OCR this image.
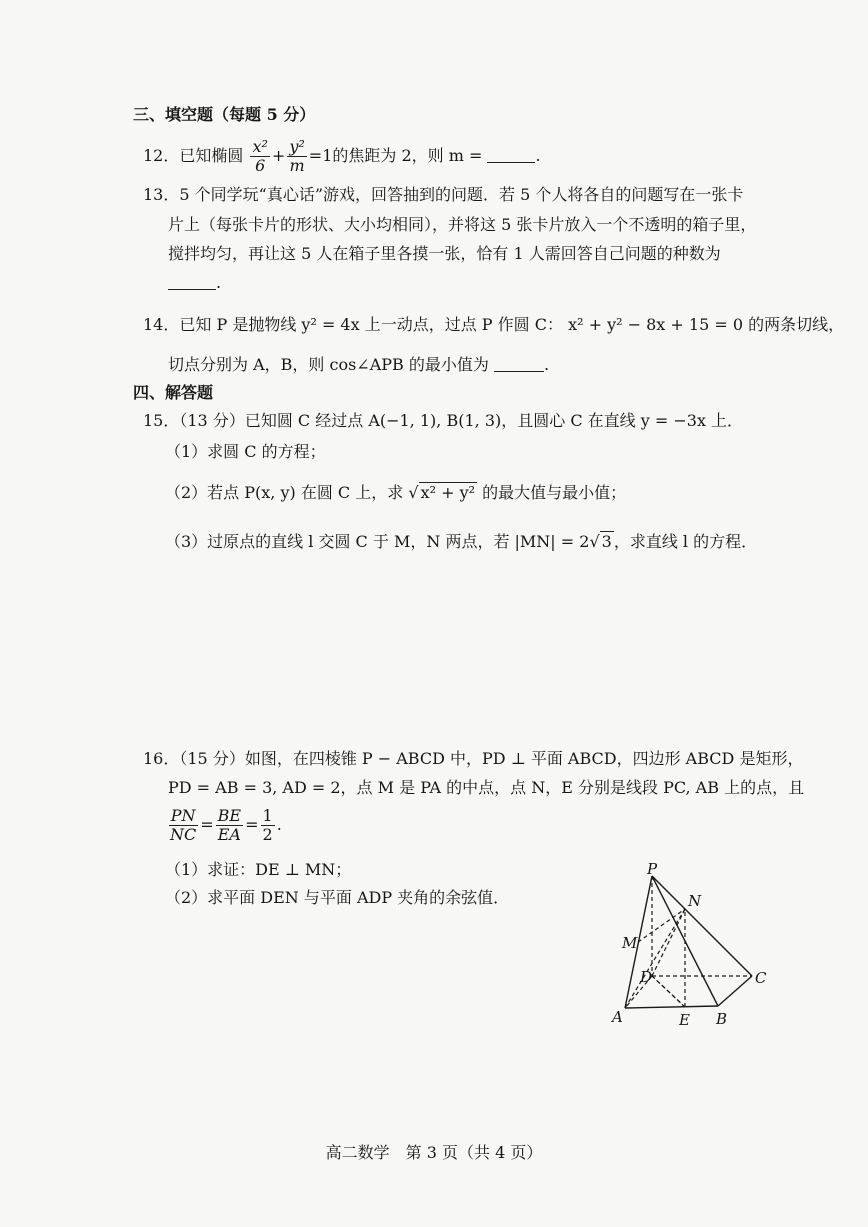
三、填空题（每题 5 分）
12．已知椭圆 $\frac{\text{x²}}{6} + \frac{\text{y²}}{m} =1$的焦距为 2，则 m =	.
13．5 个同学玩“真心话”游戏，回答抽到的问题．若 5 个人将各自的问题写在一张卡
片上（每张卡片的形状、大小均相同），并将这 5 张卡片放入一个不透明的箱子里，
搅拌均匀，再让这 5 人在箱子里各摸一张，恰有 1 人需回答自己问题的种数为
.
14．已知 P 是抛物线 y² = 4x 上一动点，过点 P 作圆 C： x² + y² − 8x + 15 = 0 的两条切线，
切点分别为 A，B，则 cos∠APB 的最小值为	.
四、解答题
15．（13 分）已知圆 C 经过点 A(−1, 1), B(1, 3)，且圆心 C 在直线 y = −3x 上．
（1）求圆 C 的方程；
（2）若点 P(x, y) 在圆 C 上，求 √ x² + y² 的最大值与最小值；
（3）过原点的直线 l 交圆 C 于 M，N 两点，若 |MN| = 2√ 3 ，求直线 l 的方程．
16．（15 分）如图，在四棱锥 P − ABCD 中，PD ⊥ 平面 ABCD，四边形 ABCD 是矩形，
PD = AB = 3, AD = 2，点 M 是 PA 的中点，点 N，E 分别是线段 PC, AB 上的点，且
$\frac{PN}{NC} = \frac{BE}{EA} = \frac{1}{2}$ .
（1）求证：DE ⊥ MN；
（2）求平面 DEN 与平面 ADP 夹角的余弦值．
P
N
M
D	C
A	E B
高二数学　第 3 页（共 4 页）
